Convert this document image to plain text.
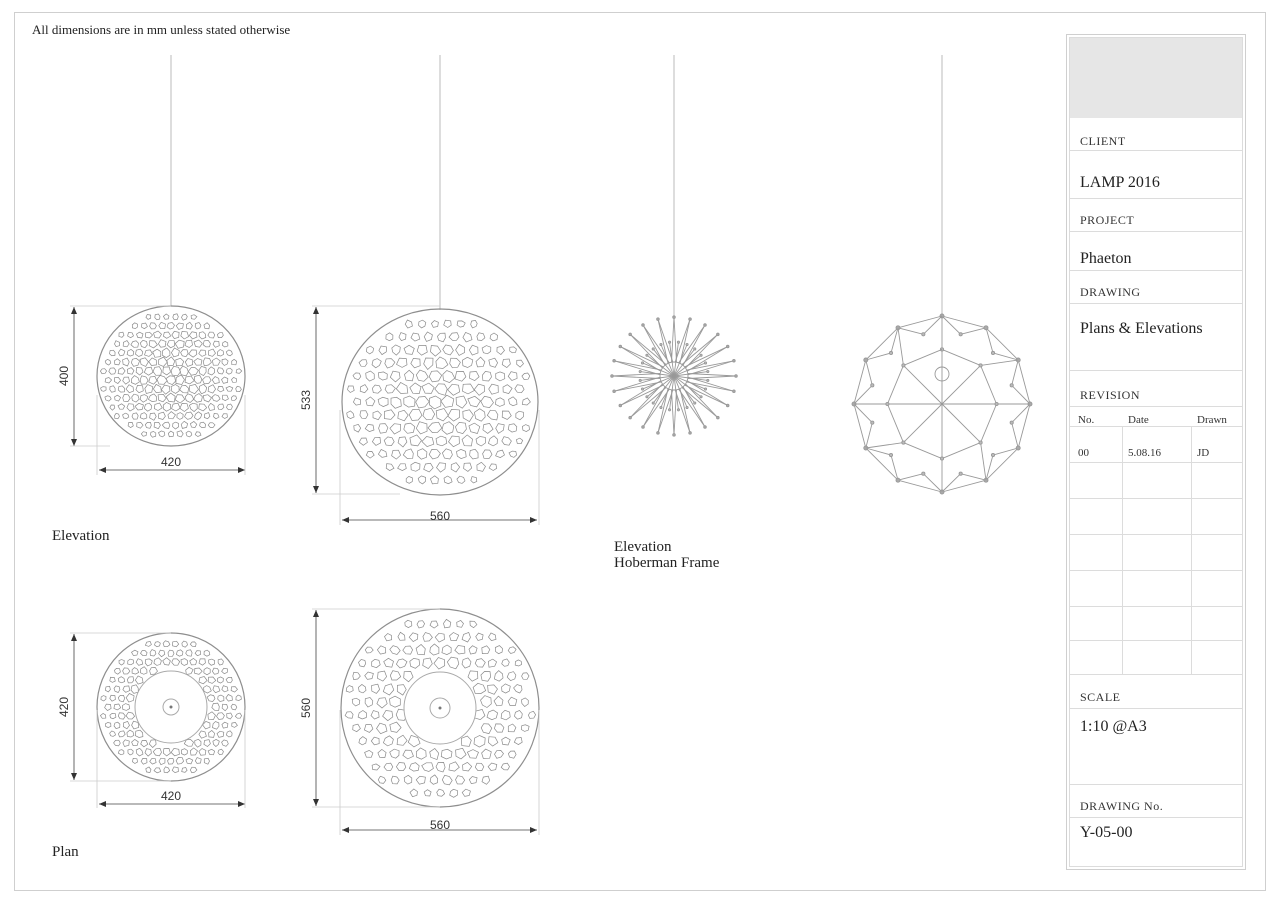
All dimensions are in mm unless stated otherwise
400
420
533
560
420
420
560
560
Elevation
Plan
Elevation
Hoberman Frame
CLIENT
LAMP 2016
PROJECT
Phaeton
DRAWING
Plans & Elevations
REVISION
No.	Date	Drawn
00	5.08.16	JD
SCALE
1:10 @A3
DRAWING No.
Y-05-00
